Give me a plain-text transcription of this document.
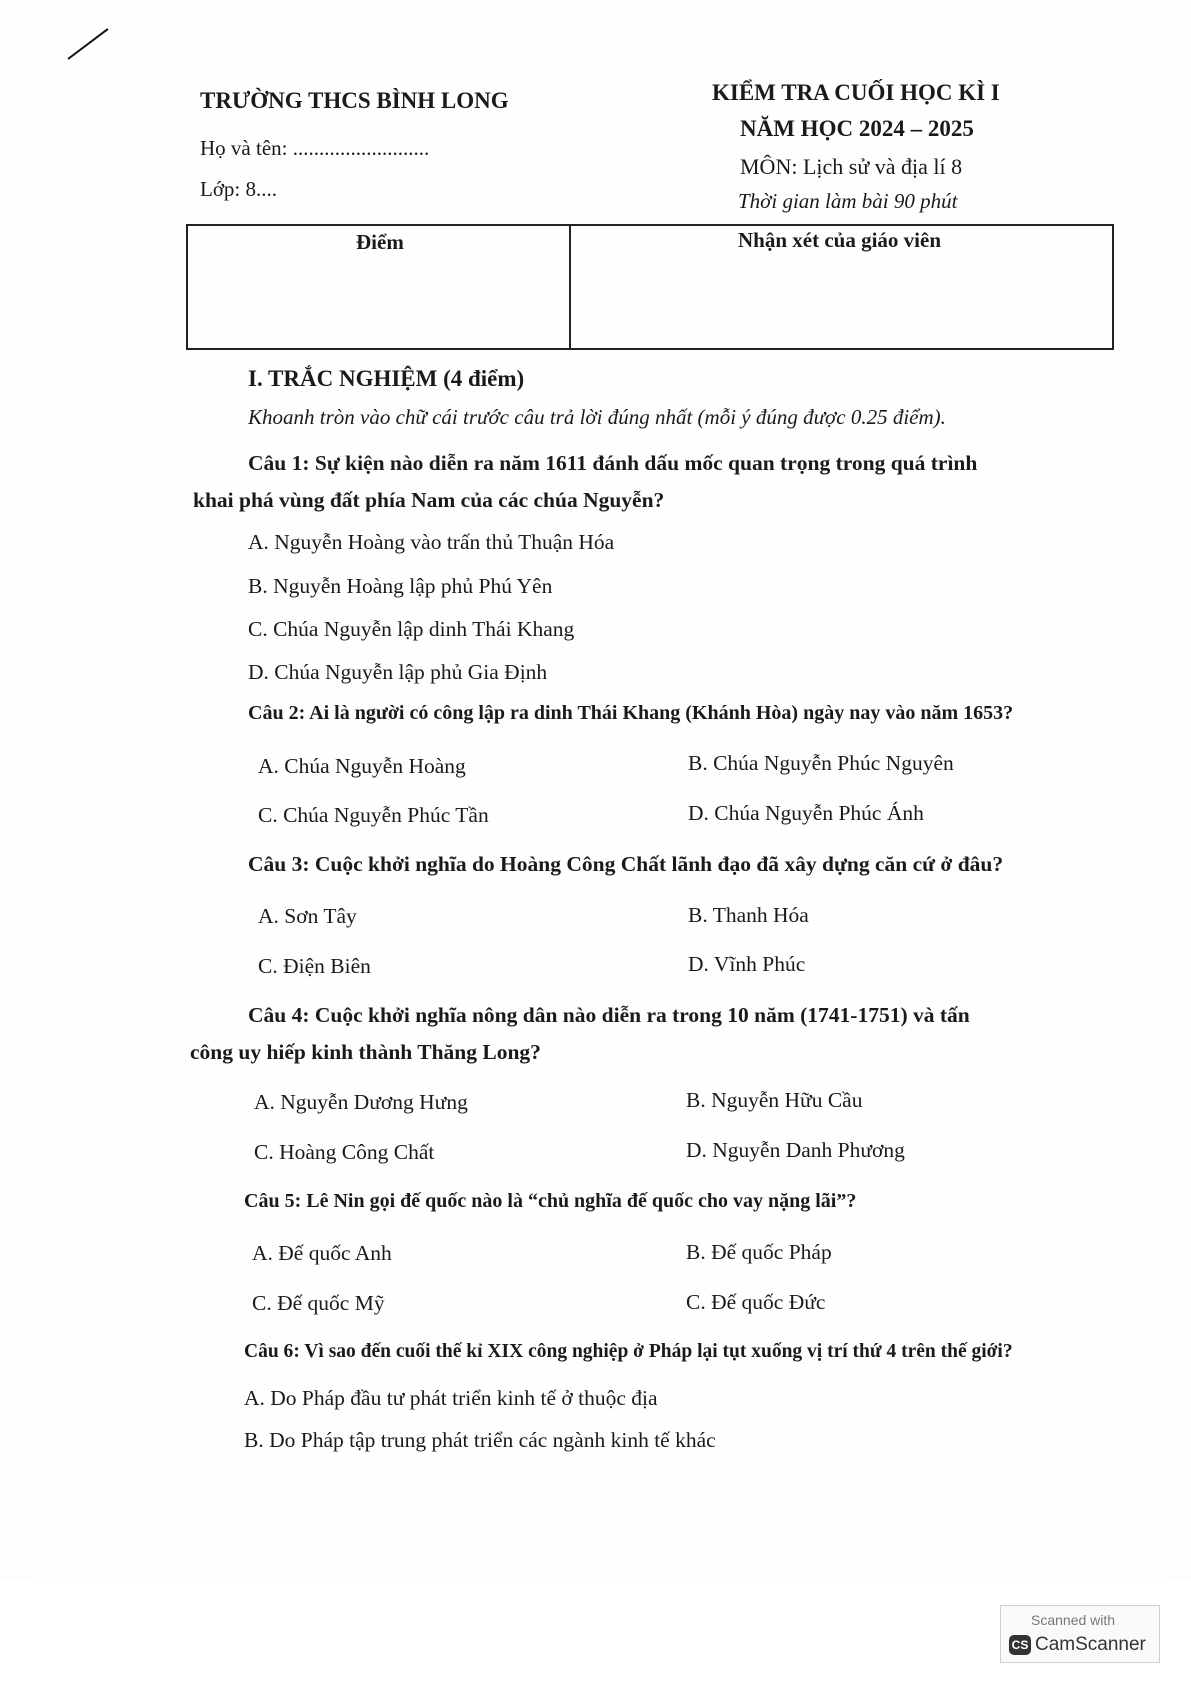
TRƯỜNG THCS BÌNH LONG
Họ và tên: ..........................
Lớp: 8....
KIỂM TRA CUỐI HỌC KÌ I
NĂM HỌC 2024 – 2025
MÔN: Lịch sử và địa lí 8
Thời gian làm bài 90 phút
Điểm	Nhận xét của giáo viên
I. TRẮC NGHIỆM (4 điểm)
Khoanh tròn vào chữ cái trước câu trả lời đúng nhất (mỗi ý đúng được 0.25 điểm).
Câu 1: Sự kiện nào diễn ra năm 1611 đánh dấu mốc quan trọng trong quá trình
khai phá vùng đất phía Nam của các chúa Nguyễn?
A. Nguyễn Hoàng vào trấn thủ Thuận Hóa
B. Nguyễn Hoàng lập phủ Phú Yên
C. Chúa Nguyễn lập dinh Thái Khang
D. Chúa Nguyễn lập phủ Gia Định
Câu 2: Ai là người có công lập ra dinh Thái Khang (Khánh Hòa) ngày nay vào năm 1653?
A. Chúa Nguyễn Hoàng	B. Chúa Nguyễn Phúc Nguyên
C. Chúa Nguyễn Phúc Tần	D. Chúa Nguyễn Phúc Ánh
Câu 3: Cuộc khởi nghĩa do Hoàng Công Chất lãnh đạo đã xây dựng căn cứ ở đâu?
A. Sơn Tây	B. Thanh Hóa
C. Điện Biên	D. Vĩnh Phúc
Câu 4: Cuộc khởi nghĩa nông dân nào diễn ra trong 10 năm (1741-1751) và tấn
công uy hiếp kinh thành Thăng Long?
A. Nguyễn Dương Hưng	B. Nguyễn Hữu Cầu
C. Hoàng Công Chất	D. Nguyễn Danh Phương
Câu 5: Lê Nin gọi đế quốc nào là “chủ nghĩa đế quốc cho vay nặng lãi”?
A. Đế quốc Anh	B. Đế quốc Pháp
C. Đế quốc Mỹ	C. Đế quốc Đức
Câu 6: Vì sao đến cuối thế kỉ XIX công nghiệp ở Pháp lại tụt xuống vị trí thứ 4 trên thế giới?
A. Do Pháp đầu tư phát triển kinh tế ở thuộc địa
B. Do Pháp tập trung phát triển các ngành kinh tế khác
Scanned with
CS CamScanner
